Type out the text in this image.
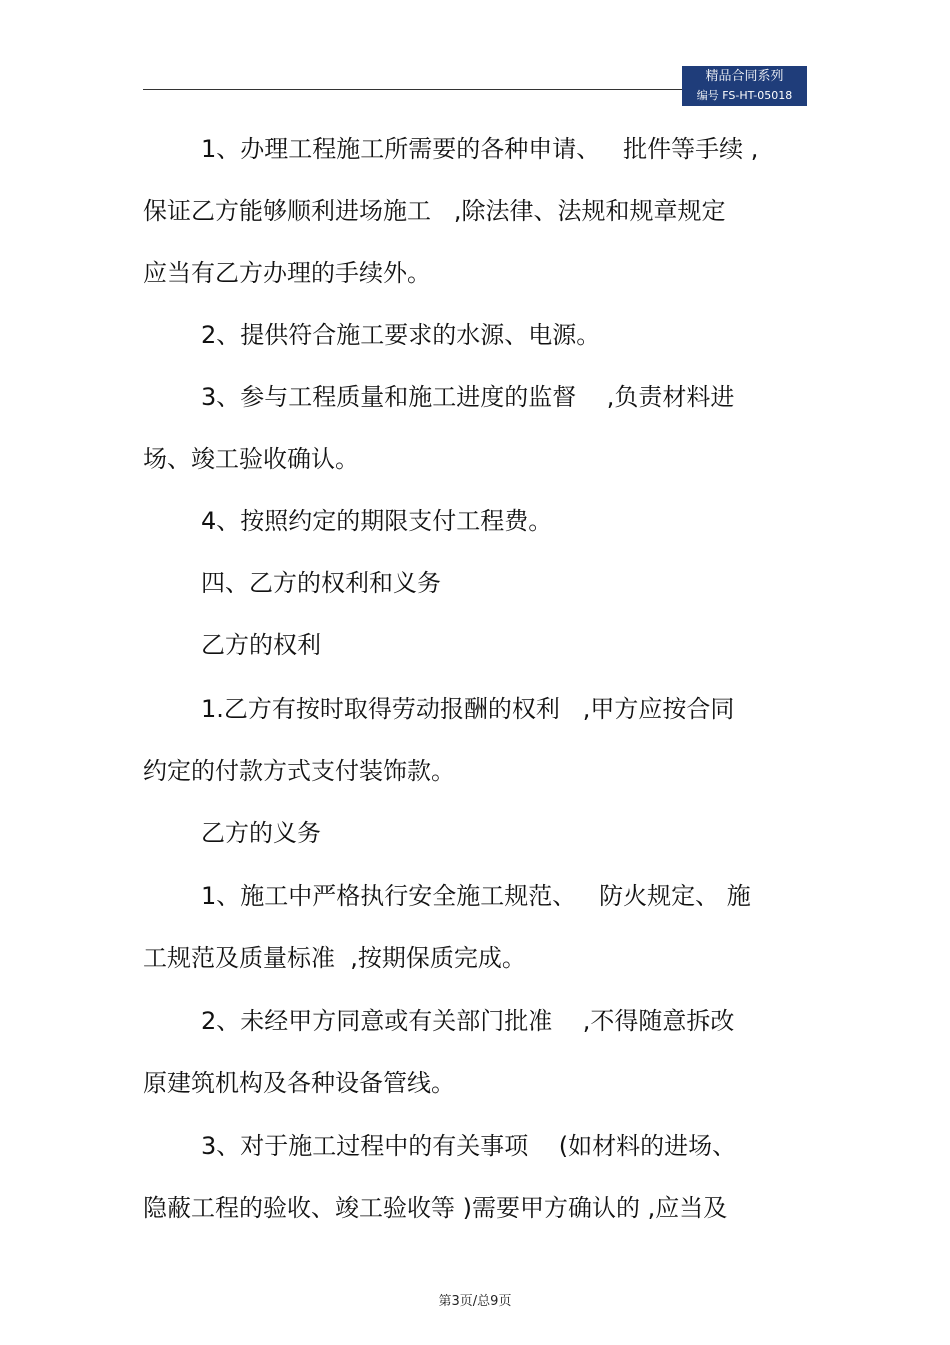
精品合同系列
编号 FS-HT-05018
1、办理工程施工所需要的各种申请、   批件等手续 ,
保证乙方能够顺利进场施工   ,除法律、法规和规章规定
应当有乙方办理的手续外。
2、提供符合施工要求的水源、电源。
3、参与工程质量和施工进度的监督    ,负责材料进
场、竣工验收确认。
4、按照约定的期限支付工程费。
四、乙方的权利和义务
乙方的权利
1.乙方有按时取得劳动报酬的权利   ,甲方应按合同
约定的付款方式支付装饰款。
乙方的义务
1、施工中严格执行安全施工规范、   防火规定、 施
工规范及质量标准  ,按期保质完成。
2、未经甲方同意或有关部门批准    ,不得随意拆改
原建筑机构及各种设备管线。
3、对于施工过程中的有关事项    (如材料的进场、
隐蔽工程的验收、竣工验收等 )需要甲方确认的 ,应当及
第3页/总9页
